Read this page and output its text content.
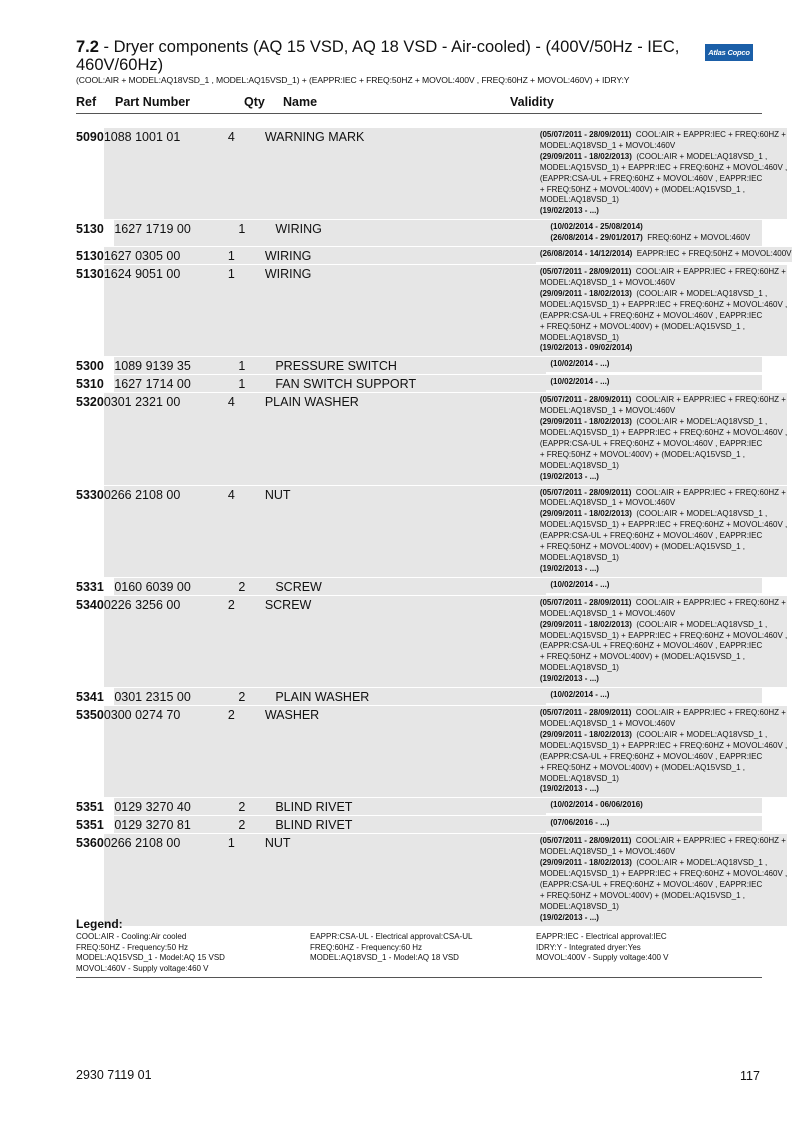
7.2 - Dryer components (AQ 15 VSD, AQ 18 VSD - Air-cooled) - (400V/50Hz - IEC, 460V/60Hz)
(COOL:AIR + MODEL:AQ18VSD_1 , MODEL:AQ15VSD_1) + (EAPPR:IEC + FREQ:50HZ + MOVOL:400V , FREQ:60HZ + MOVOL:460V) + IDRY:Y
Atlas Copco
Ref Part Number	Qty Name	Validity
5090 1088 1001 01	4	WARNING MARK	(05/07/2011 - 28/09/2011)  COOL:AIR + EAPPR:IEC + FREQ:60HZ +
MODEL:AQ18VSD_1 + MOVOL:460V
(29/09/2011 - 18/02/2013)  (COOL:AIR + MODEL:AQ18VSD_1 ,
MODEL:AQ15VSD_1) + EAPPR:IEC + FREQ:60HZ + MOVOL:460V ,
(EAPPR:CSA-UL + FREQ:60HZ + MOVOL:460V , EAPPR:IEC
+ FREQ:50HZ + MOVOL:400V) + (MODEL:AQ15VSD_1 ,
MODEL:AQ18VSD_1)
(19/02/2013 - ...)
5130 1627 1719 00	1	WIRING	(10/02/2014 - 25/08/2014)
(26/08/2014 - 29/01/2017)  FREQ:60HZ + MOVOL:460V
5130 1627 0305 00	1	WIRING	(26/08/2014 - 14/12/2014)  EAPPR:IEC + FREQ:50HZ + MOVOL:400V
5130 1624 9051 00	1	WIRING	(05/07/2011 - 28/09/2011)  COOL:AIR + EAPPR:IEC + FREQ:60HZ +
MODEL:AQ18VSD_1 + MOVOL:460V
(29/09/2011 - 18/02/2013)  (COOL:AIR + MODEL:AQ18VSD_1 ,
MODEL:AQ15VSD_1) + EAPPR:IEC + FREQ:60HZ + MOVOL:460V ,
(EAPPR:CSA-UL + FREQ:60HZ + MOVOL:460V , EAPPR:IEC
+ FREQ:50HZ + MOVOL:400V) + (MODEL:AQ15VSD_1 ,
MODEL:AQ18VSD_1)
(19/02/2013 - 09/02/2014)
5300 1089 9139 35	1	PRESSURE SWITCH	(10/02/2014 - ...)
5310 1627 1714 00	1	FAN SWITCH SUPPORT	(10/02/2014 - ...)
5320 0301 2321 00	4	PLAIN WASHER	(05/07/2011 - 28/09/2011)  COOL:AIR + EAPPR:IEC + FREQ:60HZ +
MODEL:AQ18VSD_1 + MOVOL:460V
(29/09/2011 - 18/02/2013)  (COOL:AIR + MODEL:AQ18VSD_1 ,
MODEL:AQ15VSD_1) + EAPPR:IEC + FREQ:60HZ + MOVOL:460V ,
(EAPPR:CSA-UL + FREQ:60HZ + MOVOL:460V , EAPPR:IEC
+ FREQ:50HZ + MOVOL:400V) + (MODEL:AQ15VSD_1 ,
MODEL:AQ18VSD_1)
(19/02/2013 - ...)
5330 0266 2108 00	4	NUT	(05/07/2011 - 28/09/2011)  COOL:AIR + EAPPR:IEC + FREQ:60HZ +
MODEL:AQ18VSD_1 + MOVOL:460V
(29/09/2011 - 18/02/2013)  (COOL:AIR + MODEL:AQ18VSD_1 ,
MODEL:AQ15VSD_1) + EAPPR:IEC + FREQ:60HZ + MOVOL:460V ,
(EAPPR:CSA-UL + FREQ:60HZ + MOVOL:460V , EAPPR:IEC
+ FREQ:50HZ + MOVOL:400V) + (MODEL:AQ15VSD_1 ,
MODEL:AQ18VSD_1)
(19/02/2013 - ...)
5331 0160 6039 00	2	SCREW	(10/02/2014 - ...)
5340 0226 3256 00	2	SCREW	(05/07/2011 - 28/09/2011)  COOL:AIR + EAPPR:IEC + FREQ:60HZ +
MODEL:AQ18VSD_1 + MOVOL:460V
(29/09/2011 - 18/02/2013)  (COOL:AIR + MODEL:AQ18VSD_1 ,
MODEL:AQ15VSD_1) + EAPPR:IEC + FREQ:60HZ + MOVOL:460V ,
(EAPPR:CSA-UL + FREQ:60HZ + MOVOL:460V , EAPPR:IEC
+ FREQ:50HZ + MOVOL:400V) + (MODEL:AQ15VSD_1 ,
MODEL:AQ18VSD_1)
(19/02/2013 - ...)
5341 0301 2315 00	2	PLAIN WASHER	(10/02/2014 - ...)
5350 0300 0274 70	2	WASHER	(05/07/2011 - 28/09/2011)  COOL:AIR + EAPPR:IEC + FREQ:60HZ +
MODEL:AQ18VSD_1 + MOVOL:460V
(29/09/2011 - 18/02/2013)  (COOL:AIR + MODEL:AQ18VSD_1 ,
MODEL:AQ15VSD_1) + EAPPR:IEC + FREQ:60HZ + MOVOL:460V ,
(EAPPR:CSA-UL + FREQ:60HZ + MOVOL:460V , EAPPR:IEC
+ FREQ:50HZ + MOVOL:400V) + (MODEL:AQ15VSD_1 ,
MODEL:AQ18VSD_1)
(19/02/2013 - ...)
5351 0129 3270 40	2	BLIND RIVET	(10/02/2014 - 06/06/2016)
5351 0129 3270 81	2	BLIND RIVET	(07/06/2016 - ...)
5360 0266 2108 00	1	NUT	(05/07/2011 - 28/09/2011)  COOL:AIR + EAPPR:IEC + FREQ:60HZ +
MODEL:AQ18VSD_1 + MOVOL:460V
(29/09/2011 - 18/02/2013)  (COOL:AIR + MODEL:AQ18VSD_1 ,
MODEL:AQ15VSD_1) + EAPPR:IEC + FREQ:60HZ + MOVOL:460V ,
(EAPPR:CSA-UL + FREQ:60HZ + MOVOL:460V , EAPPR:IEC
+ FREQ:50HZ + MOVOL:400V) + (MODEL:AQ15VSD_1 ,
MODEL:AQ18VSD_1)
(19/02/2013 - ...)
Legend:
COOL:AIR - Cooling:Air cooled	EAPPR:CSA-UL - Electrical approval:CSA-UL	EAPPR:IEC - Electrical approval:IEC
FREQ:50HZ - Frequency:50 Hz	FREQ:60HZ - Frequency:60 Hz	IDRY:Y - Integrated dryer:Yes
MODEL:AQ15VSD_1 - Model:AQ 15 VSD	MODEL:AQ18VSD_1 - Model:AQ 18 VSD	MOVOL:400V - Supply voltage:400 V
MOVOL:460V - Supply voltage:460 V
2930 7119 01	117
